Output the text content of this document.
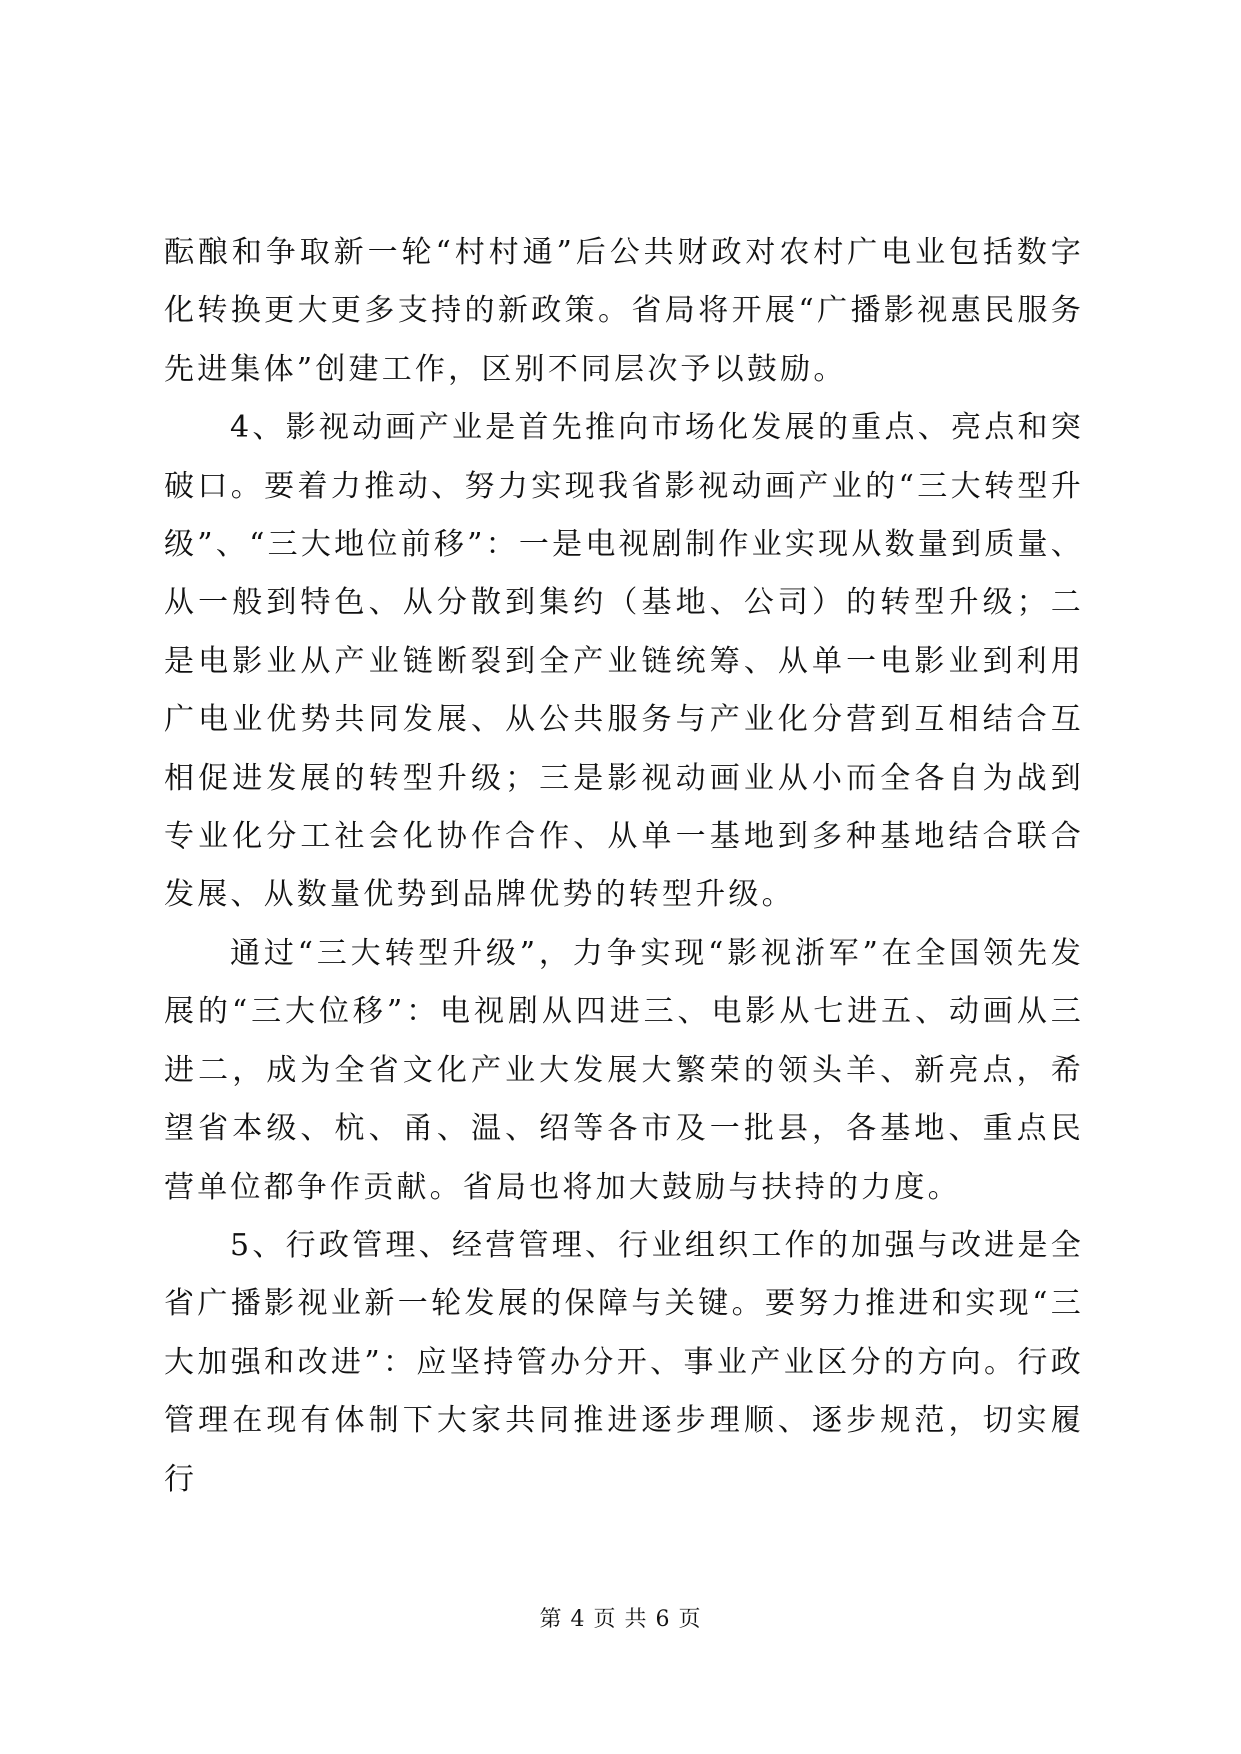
酝酿和争取新一轮“村村通”后公共财政对农村广电业包括数字化转换更大更多支持的新政策。省局将开展“广播影视惠民服务先进集体”创建工作，区别不同层次予以鼓励。

4、影视动画产业是首先推向市场化发展的重点、亮点和突破口。要着力推动、努力实现我省影视动画产业的“三大转型升级”、“三大地位前移”：一是电视剧制作业实现从数量到质量、从一般到特色、从分散到集约（基地、公司）的转型升级；二是电影业从产业链断裂到全产业链统筹、从单一电影业到利用广电业优势共同发展、从公共服务与产业化分营到互相结合互相促进发展的转型升级；三是影视动画业从小而全各自为战到专业化分工社会化协作合作、从单一基地到多种基地结合联合发展、从数量优势到品牌优势的转型升级。

通过“三大转型升级”，力争实现“影视浙军”在全国领先发展的“三大位移”：电视剧从四进三、电影从七进五、动画从三进二，成为全省文化产业大发展大繁荣的领头羊、新亮点，希望省本级、杭、甬、温、绍等各市及一批县，各基地、重点民营单位都争作贡献。省局也将加大鼓励与扶持的力度。

5、行政管理、经营管理、行业组织工作的加强与改进是全省广播影视业新一轮发展的保障与关键。要努力推进和实现“三大加强和改进”：应坚持管办分开、事业产业区分的方向。行政管理在现有体制下大家共同推进逐步理顺、逐步规范，切实履行

第 4 页 共 6 页
